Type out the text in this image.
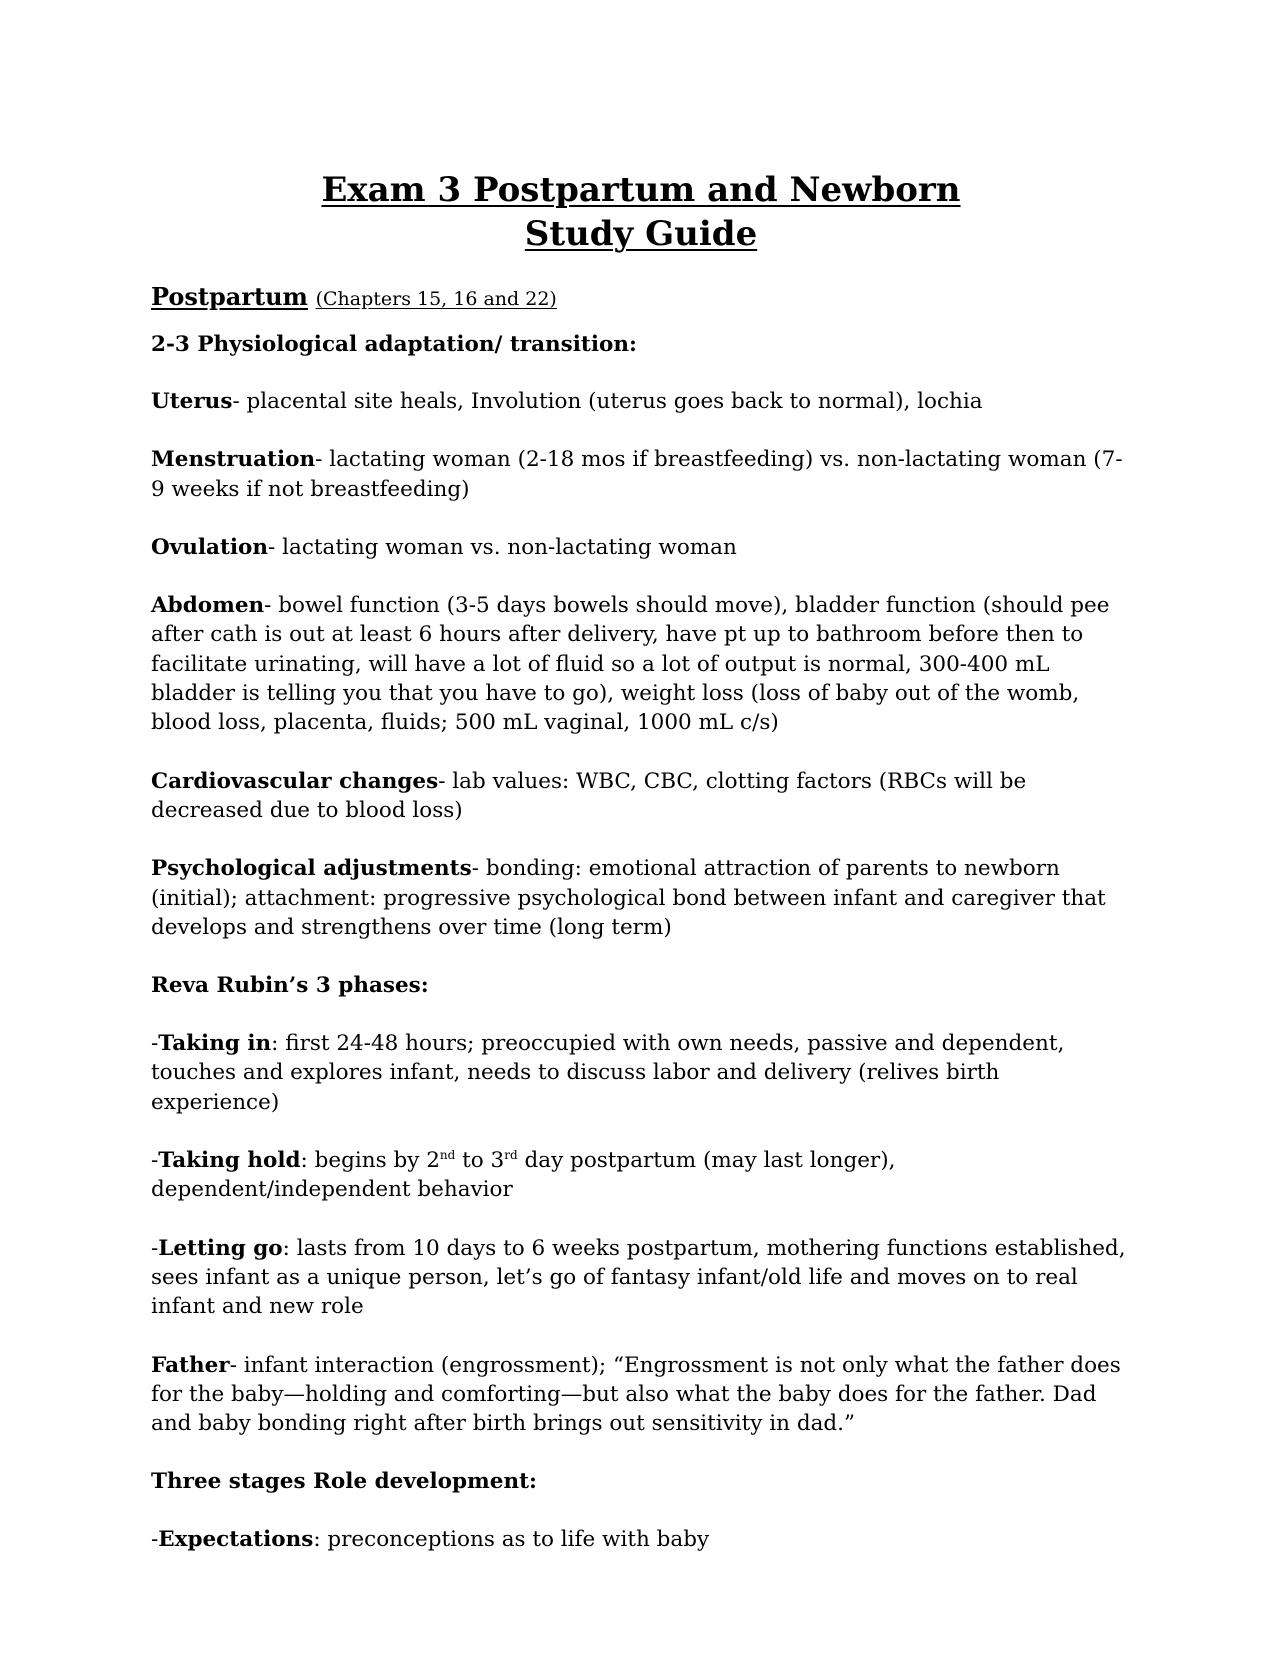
Exam 3 Postpartum and Newborn
Study Guide
Postpartum (Chapters 15, 16 and 22)
2-3 Physiological adaptation/ transition:

Uterus- placental site heals, Involution (uterus goes back to normal), lochia

Menstruation- lactating woman (2-18 mos if breastfeeding) vs. non-lactating woman (7-9 weeks if not breastfeeding)

Ovulation- lactating woman vs. non-lactating woman

Abdomen- bowel function (3-5 days bowels should move), bladder function (should pee after cath is out at least 6 hours after delivery, have pt up to bathroom before then to facilitate urinating, will have a lot of fluid so a lot of output is normal, 300-400 mL bladder is telling you that you have to go), weight loss (loss of baby out of the womb, blood loss, placenta, fluids; 500 mL vaginal, 1000 mL c/s)

Cardiovascular changes- lab values: WBC, CBC, clotting factors (RBCs will be decreased due to blood loss)

Psychological adjustments- bonding: emotional attraction of parents to newborn (initial); attachment: progressive psychological bond between infant and caregiver that develops and strengthens over time (long term)

Reva Rubin’s 3 phases:

-Taking in: first 24-48 hours; preoccupied with own needs, passive and dependent, touches and explores infant, needs to discuss labor and delivery (relives birth experience)

-Taking hold: begins by 2nd to 3rd day postpartum (may last longer), dependent/independent behavior

-Letting go: lasts from 10 days to 6 weeks postpartum, mothering functions established, sees infant as a unique person, let’s go of fantasy infant/old life and moves on to real infant and new role

Father- infant interaction (engrossment); “Engrossment is not only what the father does for the baby—holding and comforting—but also what the baby does for the father. Dad and baby bonding right after birth brings out sensitivity in dad.”

Three stages Role development:

-Expectations: preconceptions as to life with baby
